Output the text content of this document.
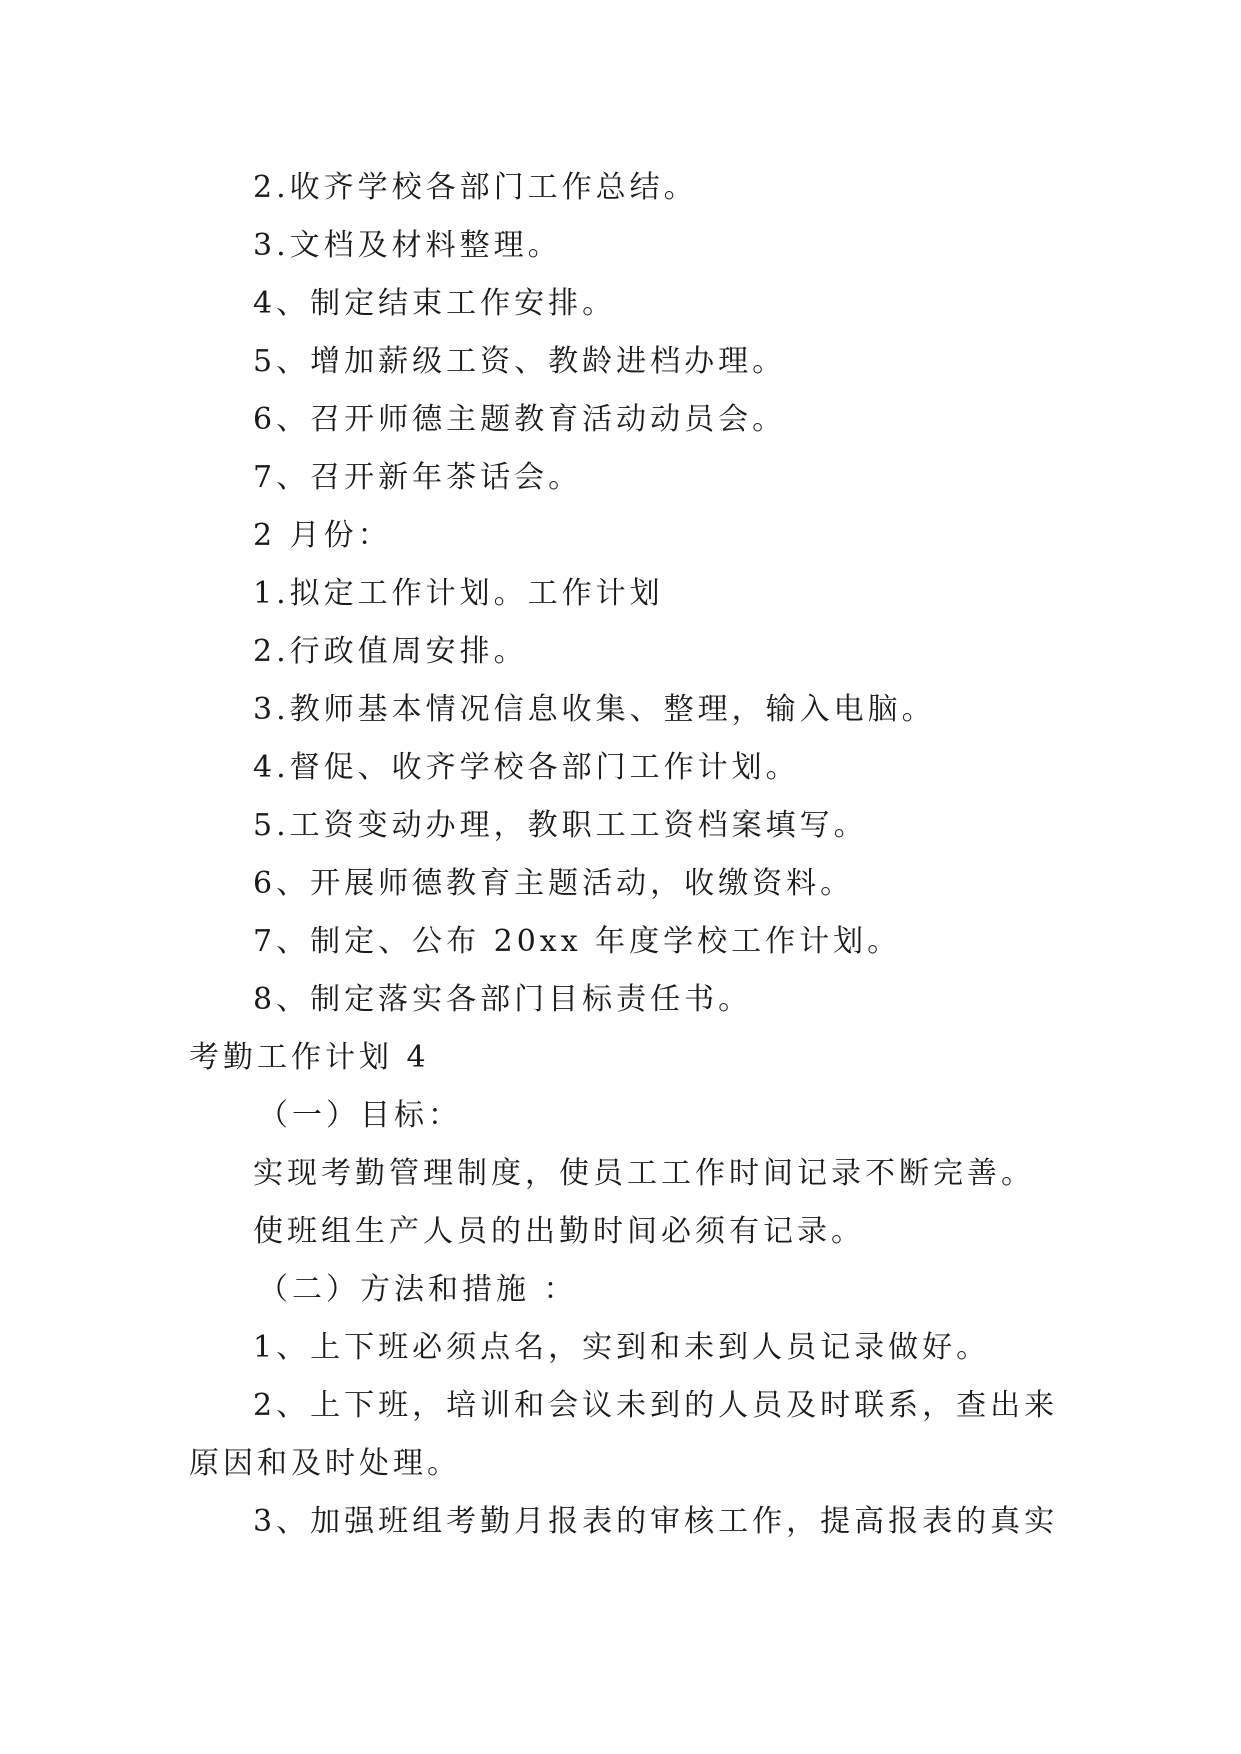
2.收齐学校各部门工作总结。

3.文档及材料整理。

4、制定结束工作安排。

5、增加薪级工资、教龄进档办理。

6、召开师德主题教育活动动员会。

7、召开新年茶话会。

2 月份：

1.拟定工作计划。工作计划

2.行政值周安排。

3.教师基本情况信息收集、整理，输入电脑。

4.督促、收齐学校各部门工作计划。

5.工资变动办理，教职工工资档案填写。

6、开展师德教育主题活动，收缴资料。

7、制定、公布 20xx 年度学校工作计划。

8、制定落实各部门目标责任书。

考勤工作计划 4

（一）目标：

实现考勤管理制度，使员工工作时间记录不断完善。

使班组生产人员的出勤时间必须有记录。

（二）方法和措施 ：

1、上下班必须点名，实到和未到人员记录做好。

2、上下班，培训和会议未到的人员及时联系，查出来

原因和及时处理。

3、加强班组考勤月报表的审核工作，提高报表的真实
